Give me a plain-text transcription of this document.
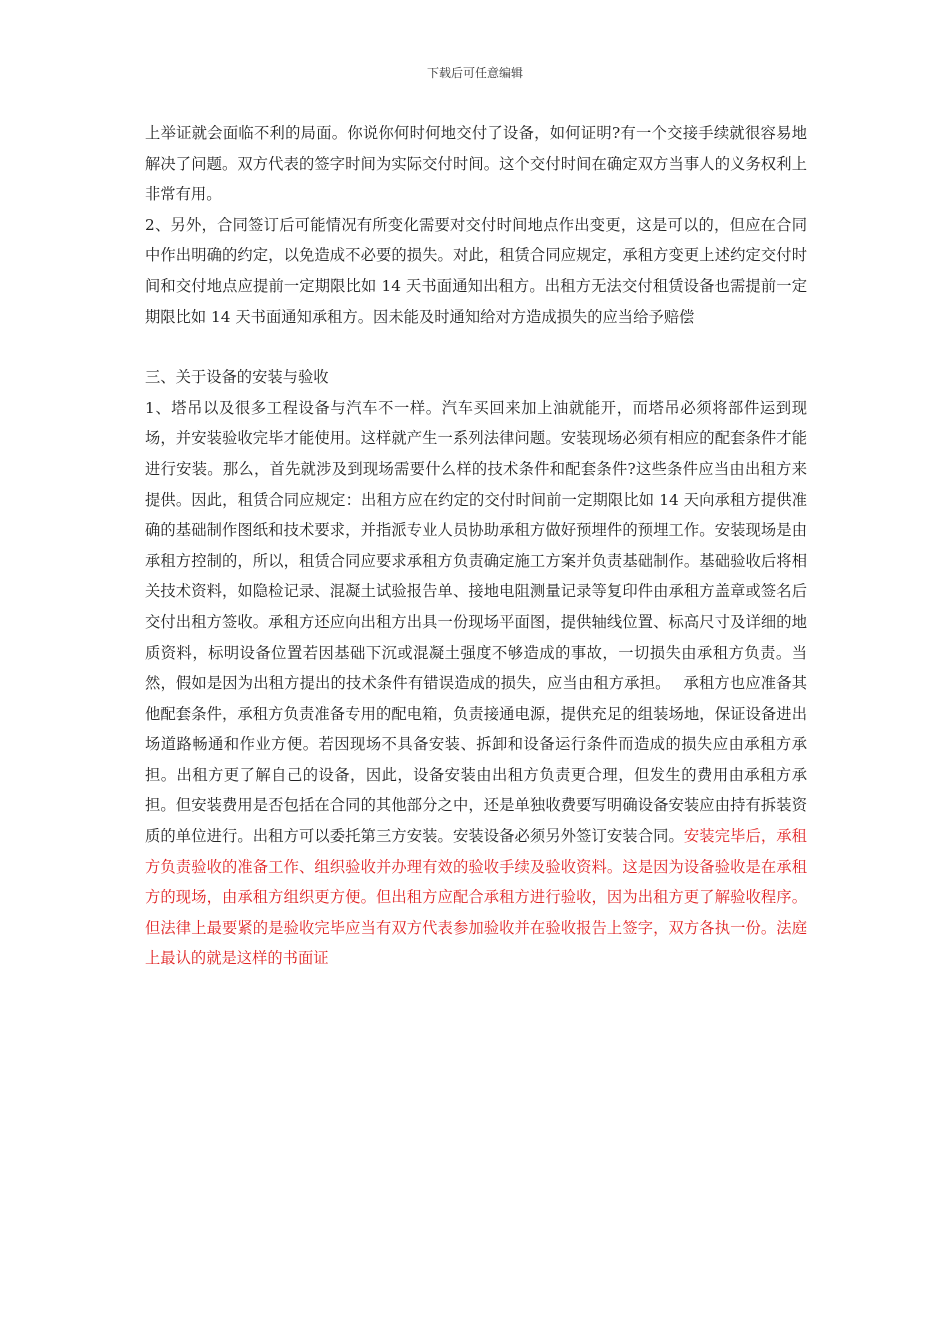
下载后可任意编辑

上举证就会面临不利的局面。你说你何时何地交付了设备，如何证明?有一个交接手续就很容易地解决了问题。双方代表的签字时间为实际交付时间。这个交付时间在确定双方当事人的义务权利上非常有用。

2、另外，合同签订后可能情况有所变化需要对交付时间地点作出变更，这是可以的，但应在合同中作出明确的约定，以免造成不必要的损失。对此，租赁合同应规定，承租方变更上述约定交付时间和交付地点应提前一定期限比如 14 天书面通知出租方。出租方无法交付租赁设备也需提前一定期限比如 14 天书面通知承租方。因未能及时通知给对方造成损失的应当给予赔偿

三、关于设备的安装与验收

1、塔吊以及很多工程设备与汽车不一样。汽车买回来加上油就能开，而塔吊必须将部件运到现场，并安装验收完毕才能使用。这样就产生一系列法律问题。安装现场必须有相应的配套条件才能进行安装。那么，首先就涉及到现场需要什么样的技术条件和配套条件?这些条件应当由出租方来提供。因此，租赁合同应规定：出租方应在约定的交付时间前一定期限比如 14 天向承租方提供准确的基础制作图纸和技术要求，并指派专业人员协助承租方做好预埋件的预埋工作。安装现场是由承租方控制的，所以，租赁合同应要求承租方负责确定施工方案并负责基础制作。基础验收后将相关技术资料，如隐检记录、混凝土试验报告单、接地电阻测量记录等复印件由承租方盖章或签名后交付出租方签收。承租方还应向出租方出具一份现场平面图，提供轴线位置、标高尺寸及详细的地质资料，标明设备位置若因基础下沉或混凝土强度不够造成的事故，一切损失由承租方负责。当然，假如是因为出租方提出的技术条件有错误造成的损失，应当由租方承担。　 承租方也应准备其他配套条件，承租方负责准备专用的配电箱，负责接通电源，提供充足的组装场地，保证设备进出场道路畅通和作业方便。若因现场不具备安装、拆卸和设备运行条件而造成的损失应由承租方承担。出租方更了解自己的设备，因此，设备安装由出租方负责更合理，但发生的费用由承租方承担。但安装费用是否包括在合同的其他部分之中，还是单独收费要写明确设备安装应由持有拆装资质的单位进行。出租方可以委托第三方安装。安装设备必须另外签订安装合同。安装完毕后，承租方负责验收的准备工作、组织验收并办理有效的验收手续及验收资料。这是因为设备验收是在承租方的现场，由承租方组织更方便。但出租方应配合承租方进行验收，因为出租方更了解验收程序。但法律上最要紧的是验收完毕应当有双方代表参加验收并在验收报告上签字，双方各执一份。法庭上最认的就是这样的书面证
